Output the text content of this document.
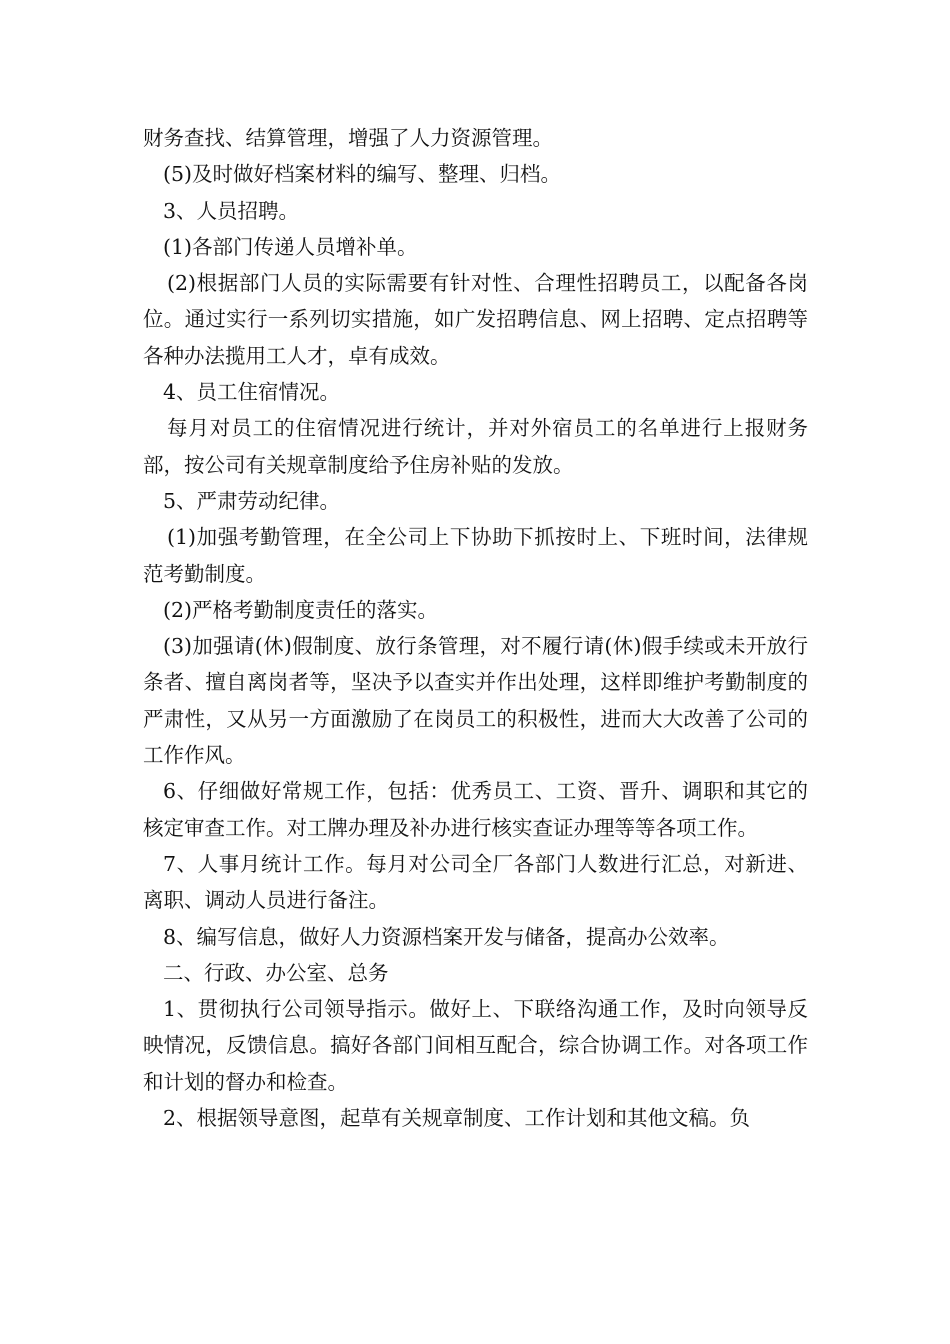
财务查找、结算管理，增强了人力资源管理。

(5)及时做好档案材料的编写、整理、归档。

3、人员招聘。

(1)各部门传递人员增补单。

(2)根据部门人员的实际需要有针对性、合理性招聘员工，以配备各岗位。通过实行一系列切实措施，如广发招聘信息、网上招聘、定点招聘等各种办法揽用工人才，卓有成效。

4、员工住宿情况。

每月对员工的住宿情况进行统计，并对外宿员工的名单进行上报财务部，按公司有关规章制度给予住房补贴的发放。

5、严肃劳动纪律。

(1)加强考勤管理，在全公司上下协助下抓按时上、下班时间，法律规范考勤制度。

(2)严格考勤制度责任的落实。

(3)加强请(休)假制度、放行条管理，对不履行请(休)假手续或未开放行条者、擅自离岗者等，坚决予以查实并作出处理，这样即维护考勤制度的严肃性，又从另一方面激励了在岗员工的积极性，进而大大改善了公司的工作作风。

6、仔细做好常规工作，包括：优秀员工、工资、晋升、调职和其它的核定审查工作。对工牌办理及补办进行核实查证办理等等各项工作。

7、人事月统计工作。每月对公司全厂各部门人数进行汇总，对新进、离职、调动人员进行备注。

8、编写信息，做好人力资源档案开发与储备，提高办公效率。

二、行政、办公室、总务

1、贯彻执行公司领导指示。做好上、下联络沟通工作，及时向领导反映情况，反馈信息。搞好各部门间相互配合，综合协调工作。对各项工作和计划的督办和检查。

2、根据领导意图，起草有关规章制度、工作计划和其他文稿。负
